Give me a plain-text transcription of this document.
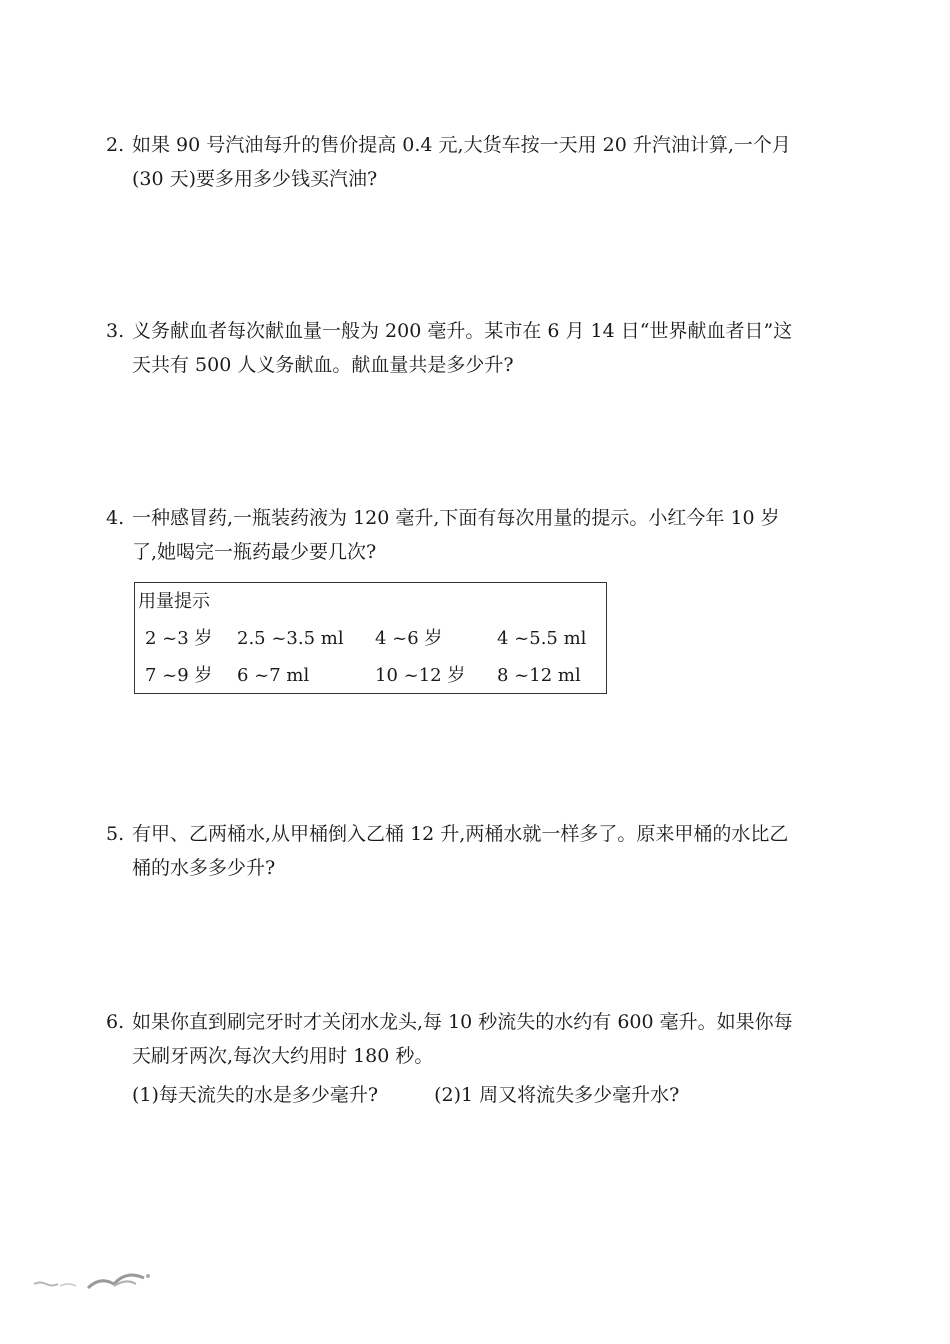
2. 如果 90 号汽油每升的售价提高 0.4 元,大货车按一天用 20 升汽油计算,一个月
(30 天)要多用多少钱买汽油?
3. 义务献血者每次献血量一般为 200 毫升。某市在 6 月 14 日“世界献血者日”这
天共有 500 人义务献血。献血量共是多少升?
4. 一种感冒药,一瓶装药液为 120 毫升,下面有每次用量的提示。小红今年 10 岁
了,她喝完一瓶药最少要几次?
用量提示
2 ~3 岁 2.5 ~3.5 ml 4 ~6 岁	4 ~5.5 ml
7 ~9 岁 6 ~7 ml	10 ~12 岁 8 ~12 ml
5. 有甲、乙两桶水,从甲桶倒入乙桶 12 升,两桶水就一样多了。原来甲桶的水比乙
桶的水多多少升?
6. 如果你直到刷完牙时才关闭水龙头,每 10 秒流失的水约有 600 毫升。如果你每
天刷牙两次,每次大约用时 180 秒。
(1)每天流失的水是多少毫升?	(2)1 周又将流失多少毫升水?
